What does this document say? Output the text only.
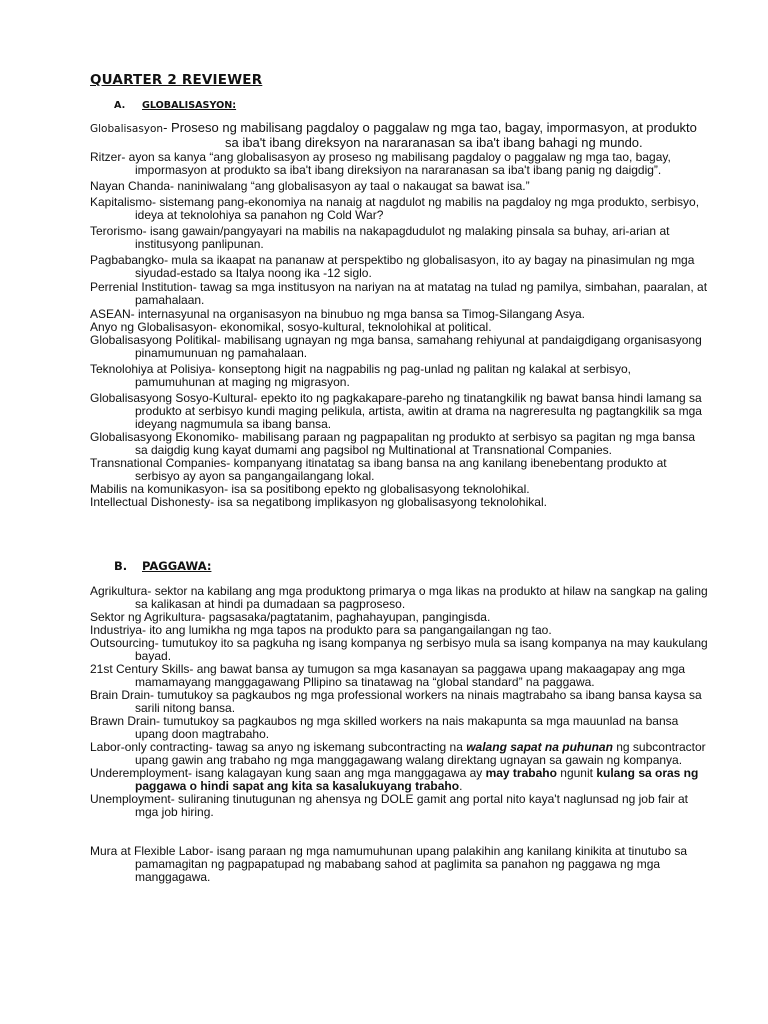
QUARTER 2 REVIEWER
A.	GLOBALISASYON:

Globalisasyon- Proseso ng mabilisang pagdaloy o paggalaw ng mga tao, bagay, impormasyon, at produkto sa iba't ibang direksyon na nararanasan sa iba't ibang bahagi ng mundo.

Ritzer- ayon sa kanya “ang globalisasyon ay proseso ng mabilisang pagdaloy o paggalaw ng mga tao, bagay, impormasyon at produkto sa iba't ibang direksiyon na nararanasan sa iba't ibang panig ng daigdig”.

Nayan Chanda- naniniwalang “ang globalisasyon ay taal o nakaugat sa bawat isa.”

Kapitalismo- sistemang pang-ekonomiya na nanaig at nagdulot ng mabilis na pagdaloy ng mga produkto, serbisyo, ideya at teknolohiya sa panahon ng Cold War?

Terorismo- isang gawain/pangyayari na mabilis na nakapagdudulot ng malaking pinsala sa buhay, ari-arian at institusyong panlipunan.

Pagbabangko- mula sa ikaapat na pananaw at perspektibo ng globalisasyon, ito ay bagay na pinasimulan ng mga siyudad-estado sa Italya noong ika -12 siglo.

Perrenial Institution- tawag sa mga institusyon na nariyan na at matatag na tulad ng pamilya, simbahan, paaralan, at pamahalaan.

ASEAN- internasyunal na organisasyon na binubuo ng mga bansa sa Timog-Silangang Asya.

Anyo ng Globalisasyon- ekonomikal, sosyo-kultural, teknolohikal at political.

Globalisasyong Politikal- mabilisang ugnayan ng mga bansa, samahang rehiyunal at pandaigdigang organisasyong pinamumunuan ng pamahalaan.

Teknolohiya at Polisiya- konseptong higit na nagpabilis ng pag-unlad ng palitan ng kalakal at serbisyo, pamumuhunan at maging ng migrasyon.

Globalisasyong Sosyo-Kultural- epekto ito ng pagkakapare-pareho ng tinatangkilik ng bawat bansa hindi lamang sa produkto at serbisyo kundi maging pelikula, artista, awitin at drama na nagreresulta ng pagtangkilik sa mga ideyang nagmumula sa ibang bansa.

Globalisasyong Ekonomiko- mabilisang paraan ng pagpapalitan ng produkto at serbisyo sa pagitan ng mga bansa sa daigdig kung kayat dumami ang pagsibol ng Multinational at Transnational Companies.

Transnational Companies- kompanyang itinatatag sa ibang bansa na ang kanilang ibenebentang produkto at serbisyo ay ayon sa pangangailangang lokal.

Mabilis na komunikasyon- isa sa positibong epekto ng globalisasyong teknolohikal.

Intellectual Dishonesty- isa sa negatibong implikasyon ng globalisasyong teknolohikal.

B.	PAGGAWA:

Agrikultura- sektor na kabilang ang mga produktong primarya o mga likas na produkto at hilaw na sangkap na galing sa kalikasan at hindi pa dumadaan sa pagproseso.

Sektor ng Agrikultura- pagsasaka/pagtatanim, paghahayupan, pangingisda.

Industriya- ito ang lumikha ng mga tapos na produkto para sa pangangailangan ng tao.

Outsourcing- tumutukoy ito sa pagkuha ng isang kompanya ng serbisyo mula sa isang kompanya na may kaukulang bayad.

21st Century Skills- ang bawat bansa ay tumugon sa mga kasanayan sa paggawa upang makaagapay ang mga mamamayang manggagawang Pllipino sa tinatawag na “global standard” na paggawa.

Brain Drain- tumutukoy sa pagkaubos ng mga professional workers na ninais magtrabaho sa ibang bansa kaysa sa sarili nitong bansa.

Brawn Drain- tumutukoy sa pagkaubos ng mga skilled workers na nais makapunta sa mga mauunlad na bansa upang doon magtrabaho.

Labor-only contracting- tawag sa anyo ng iskemang subcontracting na walang sapat na puhunan ng subcontractor upang gawin ang trabaho ng mga manggagawang walang direktang ugnayan sa gawain ng kompanya.

Underemployment- isang kalagayan kung saan ang mga manggagawa ay may trabaho ngunit kulang sa oras ng paggawa o hindi sapat ang kita sa kasalukuyang trabaho.

Unemployment- suliraning tinutugunan ng ahensya ng DOLE gamit ang portal nito kaya't naglunsad ng job fair at mga job hiring.

Mura at Flexible Labor- isang paraan ng mga namumuhunan upang palakihin ang kanilang kinikita at tinutubo sa pamamagitan ng pagpapatupad ng mababang sahod at paglimita sa panahon ng paggawa ng mga manggagawa.
